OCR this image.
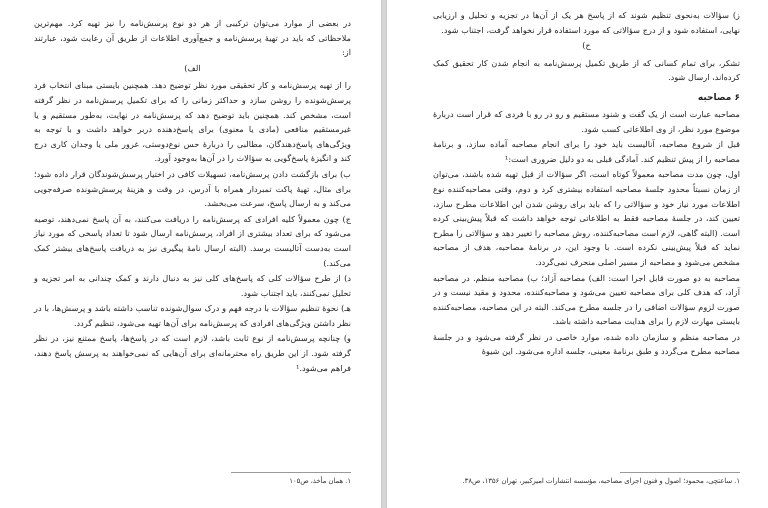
در بعضی از موارد می‌توان ترکیبی از هر دو نوع پرسش‌نامه را نیز تهیه کرد. مهم‌ترین ملاحظاتی که باید در تهیهٔ پرسش‌نامه و جمع‌آوری اطلاعات از طریق آن رعایت شود، عبارتند از:

الف)

را از تهیه پرسش‌نامه و کار تحقیقی مورد نظر توضیح دهد. همچنین بایستی مبنای انتخاب فرد پرسش‌شونده را روشن سازد و حداکثر زمانی را که برای تکمیل پرسش‌نامه در نظر گرفته است، مشخص کند. همچنین باید توضیح دهد که پرسش‌نامه در نهایت، به‌طور مستقیم و یا غیرمستقیم منافعی (مادی یا معنوی) برای پاسخ‌دهنده دربر خواهد داشت و با توجه به ویژگی‌های پاسخ‌دهندگان، مطالبی را دربارهٔ حس نوع‌دوستی، غرور ملی یا وجدان کاری درج کند و انگیزهٔ پاسخ‌گویی به سؤالات را در آن‌ها به‌وجود آورد.

ب) برای بازگشت دادن پرسش‌نامه، تسهیلات کافی در اختیار پرسش‌شوندگان قرار داده شود؛ برای مثال، تهیهٔ پاکت تمبردار همراه با آدرس، در وقت و هزینهٔ پرسش‌شونده صرفه‌جویی می‌کند و به ارسال پاسخ، سرعت می‌بخشد.

ج) چون معمولاً کلیه افرادی که پرسش‌نامه را دریافت می‌کنند، به آن پاسخ نمی‌دهند، توصیه می‌شود که برای تعداد بیشتری از افراد، پرسش‌نامه ارسال شود تا تعداد پاسخی که مورد نیاز است به‌دست آتالیست برسد. (البته ارسال نامهٔ پیگیری نیز به دریافت پاسخ‌های بیشتر کمک می‌کند.)

د) از طرح سؤالات کلی که پاسخ‌های کلی نیز به دنبال دارند و کمک چندانی به امر تجزیه و تحلیل نمی‌کنند، باید اجتناب شود.

هـ) نحوهٔ تنظیم سؤالات با درجه فهم و درک سوال‌شونده تناسب داشته باشد و پرسش‌ها، با در نظر داشتن ویژگی‌های افرادی که پرسش‌نامه برای آن‌ها تهیه می‌شود، تنظیم گردد.

و) چنانچه پرسش‌نامه از نوع ثابت باشد، لازم است که در پاسخ‌ها، پاسخ ممتنع نیز، در نظر گرفته شود. از این طریق راه محترمانه‌ای برای آن‌هایی که نمی‌خواهند به پرسش پاسخ دهند، فراهم می‌شود.¹

۱. همان مأخذ، ص۱۰۵

ز) سؤالات به‌نحوی تنظیم شوند که از پاسخ هر یک از آن‌ها در تجزیه و تحلیل و ارزیابی نهایی، استفاده شود و از درج سؤالاتی که مورد استفاده قرار نخواهد گرفت، اجتناب شود.

ح)

تشکر، برای تمام کسانی که از طریق تکمیل پرسش‌نامه به انجام شدن کار تحقیق کمک کرده‌اند، ارسال شود.

۶ مصاحبه

مصاحبه عبارت است از یک گفت و شنود مستقیم و رو در رو با فردی که قرار است دربارهٔ موضوع مورد نظر، از وی اطلاعاتی کسب شود.

قبل از شروع مصاحبه، آنالیست باید خود را برای انجام مصاحبه آماده سازد، و برنامهٔ مصاحبه را از پیش تنظیم کند. آمادگی قبلی به دو دلیل ضروری است:¹

اول، چون مدت مصاحبه معمولاً کوتاه است، اگر سؤالات از قبل تهیه شده باشند، می‌توان از زمان نسبتاً محدود جلسهٔ مصاحبه استفاده بیشتری کرد و دوم، وقتی مصاحبه‌کننده نوع اطلاعات مورد نیاز خود و سؤالاتی را که باید برای روشن شدن این اطلاعات مطرح سازد، تعیین کند، در جلسهٔ مصاحبه فقط به اطلاعاتی توجه خواهد داشت که قبلاً پیش‌بینی کرده است. (البته گاهی، لازم است مصاحبه‌کننده، روش مصاحبه را تغییر دهد و سؤالاتی را مطرح نماید که قبلاً پیش‌بینی نکرده است. با وجود این، در برنامهٔ مصاحبه، هدف از مصاحبه مشخص می‌شود و مصاحبه از مسیر اصلی منحرف نمی‌گردد.

مصاحبه به دو صورت قابل اجرا است: الف) مصاحبه آزاد؛ ب) مصاحبه منظم. در مصاحبه آزاد، که هدف کلی برای مصاحبه تعیین می‌شود و مصاحبه‌کننده، محدود و مقید نیست و در صورت لزوم سؤالات اضافی را در جلسه مطرح می‌کند. البته در این مصاحبه، مصاحبه‌کننده بایستی مهارت لازم را برای هدایت مصاحبه داشته باشد.

در مصاحبه منظم و سازمان داده شده، موارد خاصی در نظر گرفته می‌شود و در جلسهٔ مصاحبه مطرح می‌گردد و طبق برنامهٔ معینی، جلسه اداره می‌شود. این شیوهٔ

۱. ساعتچی، محمود؛ اصول و فنون اجرای مصاحبه، مؤسسه انتشارات امیرکبیر، تهران ۱۳۵۶، ص۳۸.
